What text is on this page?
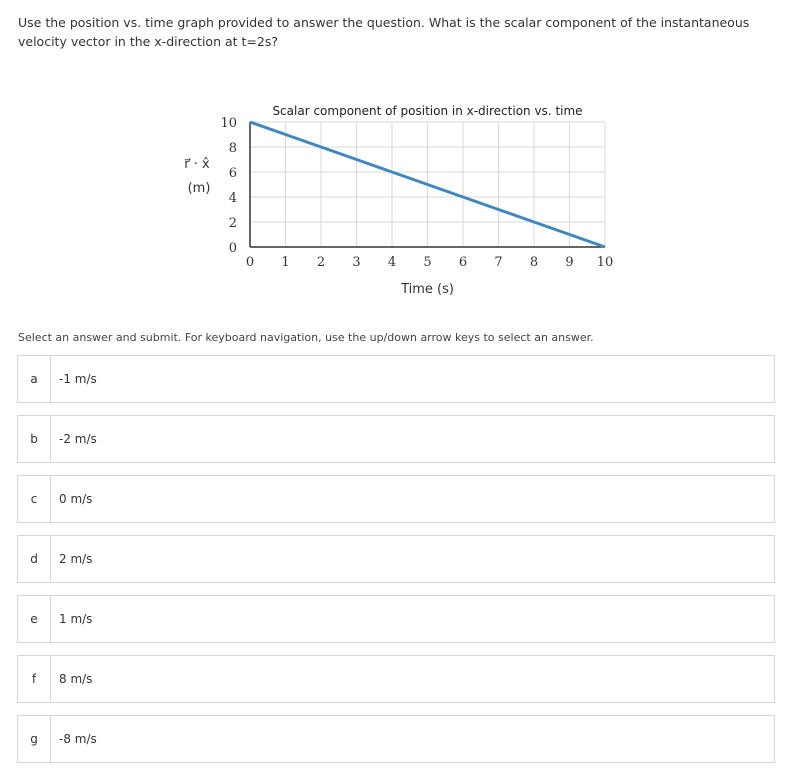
Use the position vs. time graph provided to answer the question. What is the scalar component of the instantaneous velocity vector in the x-direction at t=2s?
Scalar component of position in x-direction vs. time
r⃗ · x̂
(m)
Time (s)
0 1 2 3 4 5 6 7 8 9 10
0
2
4
6
8
10
Select an answer and submit. For keyboard navigation, use the up/down arrow keys to select an answer.
a	-1 m/s
b	-2 m/s
c	0 m/s
d	2 m/s
e	1 m/s
f	8 m/s
g	-8 m/s
